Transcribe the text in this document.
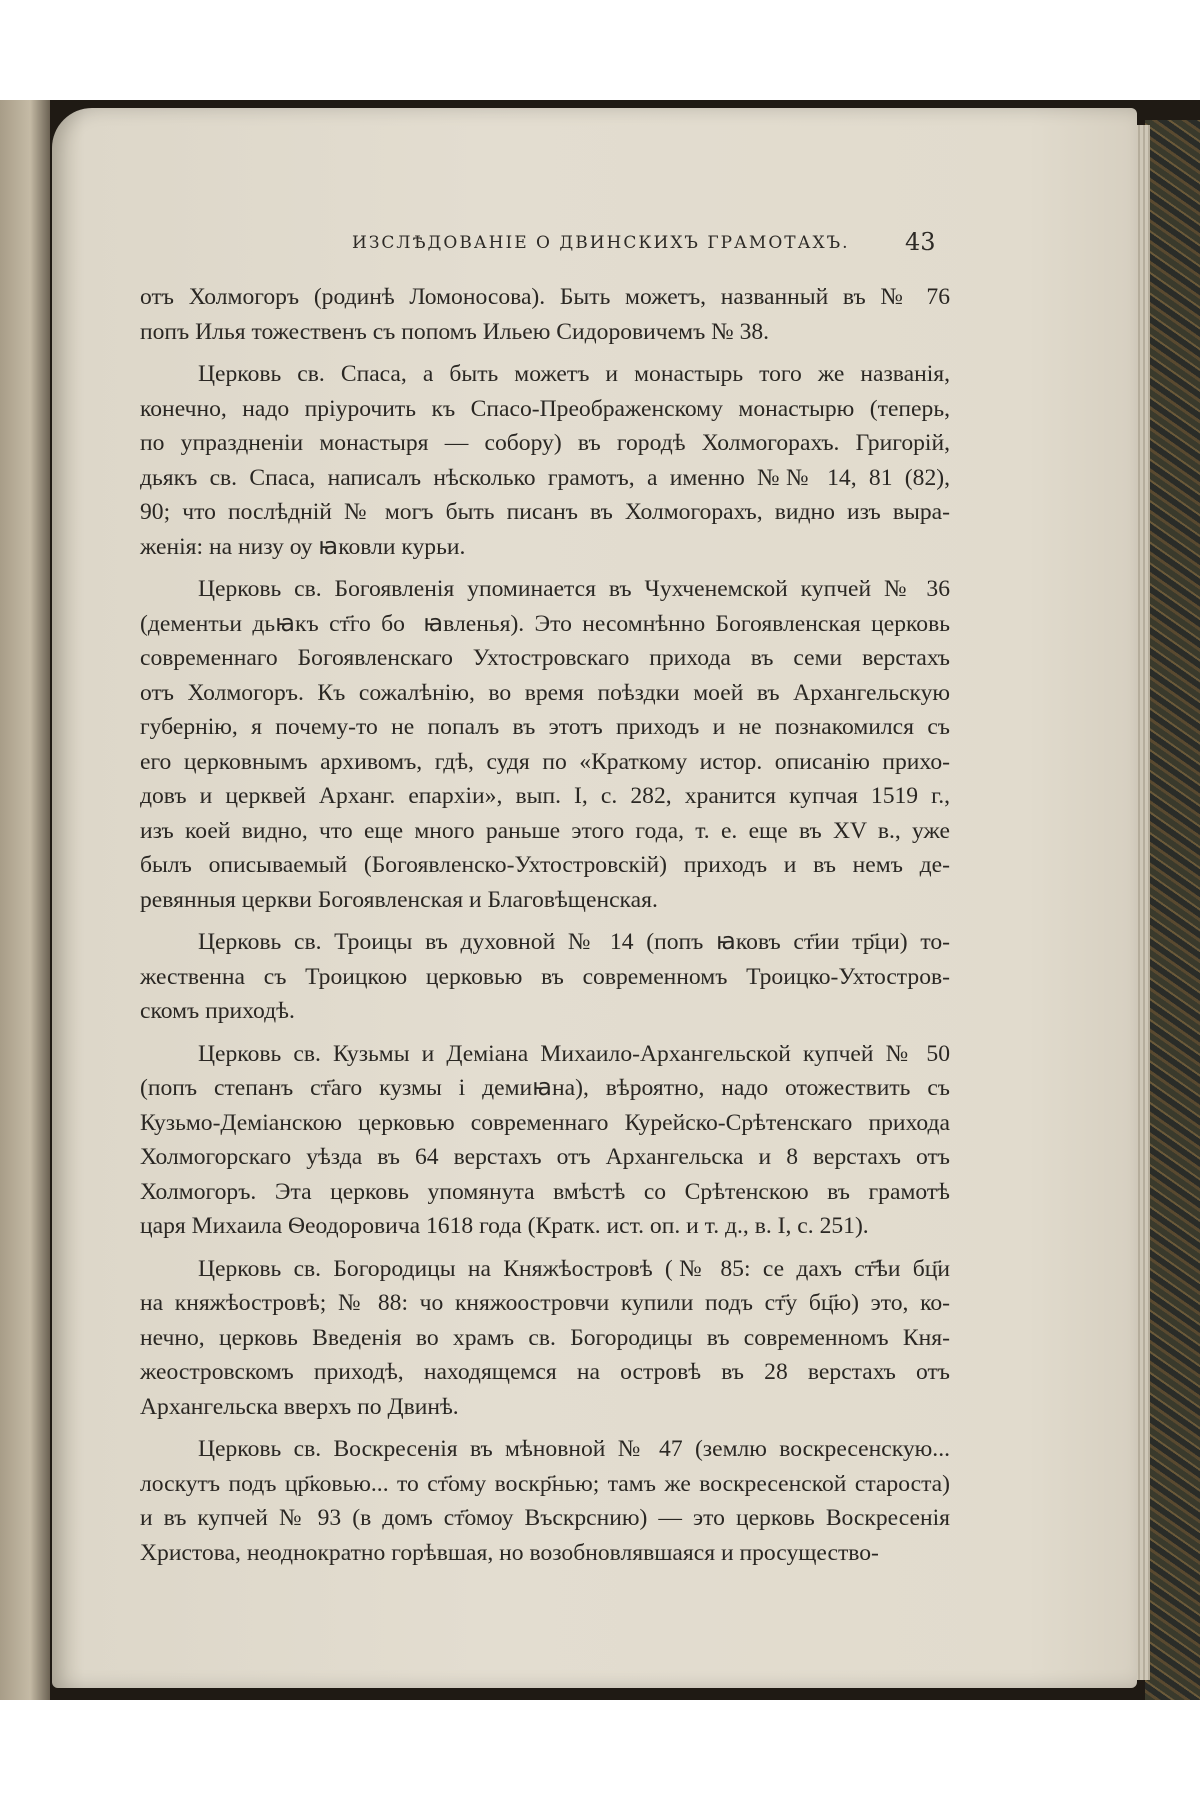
ИЗСЛѢДОВАНІЕ О ДВИНСКИХЪ ГРАМОТАХЪ.	43
отъ Холмогоръ (родинѣ Ломоносова). Быть можетъ, названный въ № 76
попъ Илья тожественъ съ попомъ Ильею Сидоровичемъ № 38.
Церковь св. Спаса, а быть можетъ и монастырь того же названія,
конечно, надо пріурочить къ Спасо-Преображенскому монастырю (теперь,
по упраздненіи монастыря — собору) въ городѣ Холмогорахъ. Григорій,
дьякъ св. Спаса, написалъ нѣсколько грамотъ, а именно №№ 14, 81 (82),
90; что послѣдній № могъ быть писанъ въ Холмогорахъ, видно изъ выра-
женія: на низу оу ꙗковли курьи.
Церковь св. Богоявленія упоминается въ Чухченемской купчей № 36
(дементьи дьꙗкъ ст҃го бо꙯ꙗвленья). Это несомнѣнно Богоявленская церковь
современнаго Богоявленскаго Ухтостровскаго прихода въ семи верстахъ
отъ Холмогоръ. Къ сожалѣнію, во время поѣздки моей въ Архангельскую
губернію, я почему-то не попалъ въ этотъ приходъ и не познакомился съ
его церковнымъ архивомъ, гдѣ, судя по «Краткому истор. описанію прихо-
довъ и церквей Арханг. епархіи», вып. I, с. 282, хранится купчая 1519 г.,
изъ коей видно, что еще много раньше этого года, т. е. еще въ XV в., уже
былъ описываемый (Богоявленско-Ухтостровскій) приходъ и въ немъ де-
ревянныя церкви Богоявленская и Благовѣщенская.
Церковь св. Троицы въ духовной № 14 (попъ ꙗковъ ст҃ии тр҃ци) то-
жественна съ Троицкою церковью въ современномъ Троицко-Ухтостров-
скомъ приходѣ.
Церковь св. Кузьмы и Деміана Михаило-Архангельской купчей № 50
(попъ степанъ ст҃аго кузмы і демиꙗна), вѣроятно, надо отожествить съ
Кузьмо-Деміанскою церковью современнаго Курейско-Срѣтенскаго прихода
Холмогорскаго уѣзда въ 64 верстахъ отъ Архангельска и 8 верстахъ отъ
Холмогоръ. Эта церковь упомянута вмѣстѣ со Срѣтенскою въ грамотѣ
царя Михаила Ѳеодоровича 1618 года (Кратк. ист. оп. и т. д., в. I, с. 251).
Церковь св. Богородицы на Княжѣостровѣ (№ 85: се дахъ ст҃ѣи бц҃и
на княжѣостровѣ; № 88: чо княжоостровчи купили подъ ст҃у бц҃ю) это, ко-
нечно, церковь Введенія во храмъ св. Богородицы въ современномъ Кня-
жеостровскомъ приходѣ, находящемся на островѣ въ 28 верстахъ отъ
Архангельска вверхъ по Двинѣ.
Церковь св. Воскресенія въ мѣновной № 47 (землю воскресенскую...
лоскутъ подъ цр҃ковью... то ст҃ому воскр҃нью; тамъ же воскресенской староста)
и въ купчей № 93 (в домъ ст҃омоу Въскрснию) — это церковь Воскресенія
Христова, неоднократно горѣвшая, но возобновлявшаяся и просущество-
